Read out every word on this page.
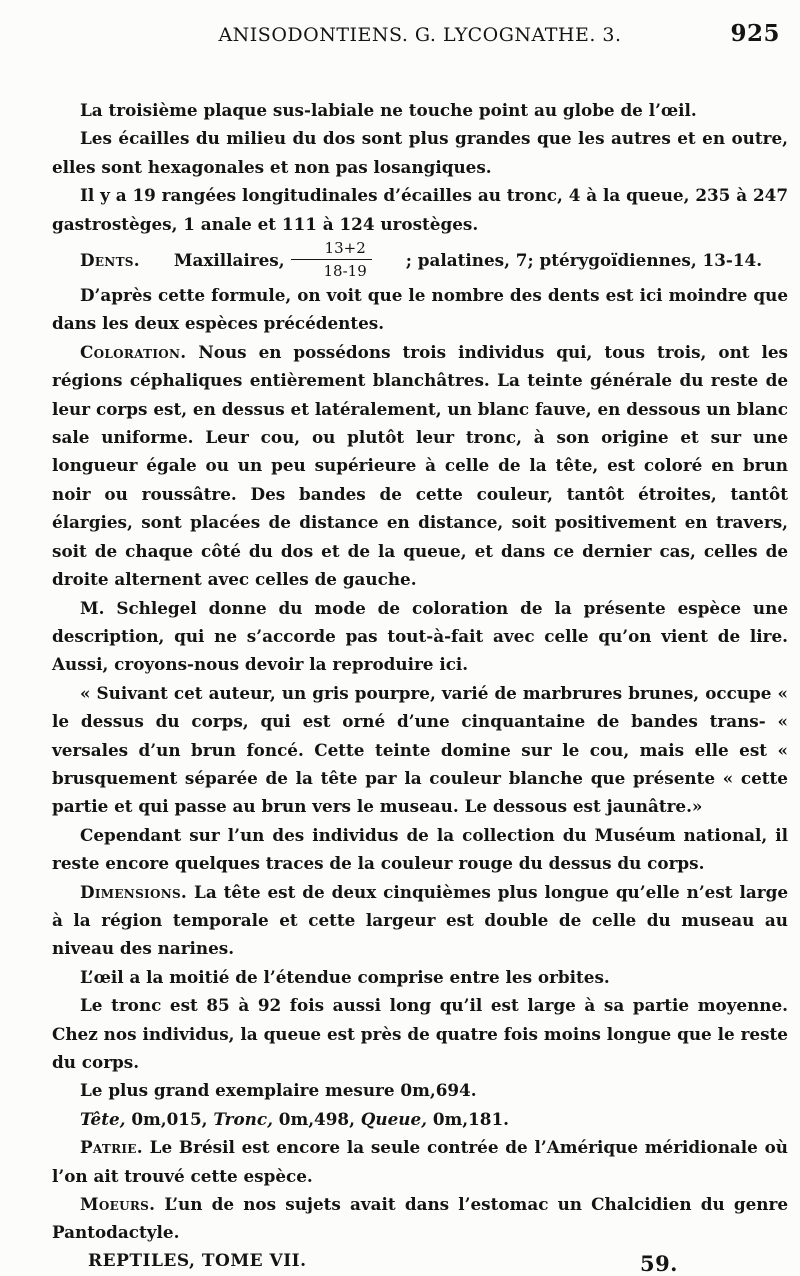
ANISODONTIENS. G. LYCOGNATHE. 3.	925

La troisième plaque sus-labiale ne touche point au globe de l’œil.

Les écailles du milieu du dos sont plus grandes que les autres et en outre, elles sont hexagonales et non pas losangiques.

Il y a 19 rangées longitudinales d’écailles au tronc, 4 à la queue, 235 à 247 gastrostèges, 1 anale et 111 à 124 urostèges.

Dents.	Maxillaires, $\frac{13+2}{18-19}$	; palatines, 7; ptérygoïdiennes, 13-14.

D’après cette formule, on voit que le nombre des dents est ici moindre que dans les deux espèces précédentes.

Coloration. Nous en possédons trois individus qui, tous trois, ont les régions céphaliques entièrement blanchâtres. La teinte générale du reste de leur corps est, en dessus et latéralement, un blanc fauve, en dessous un blanc sale uniforme. Leur cou, ou plutôt leur tronc, à son origine et sur une longueur égale ou un peu supérieure à celle de la tête, est coloré en brun noir ou roussâtre. Des bandes de cette couleur, tantôt étroites, tantôt élargies, sont placées de distance en distance, soit positivement en travers, soit de chaque côté du dos et de la queue, et dans ce dernier cas, celles de droite alternent avec celles de gauche.

M. Schlegel donne du mode de coloration de la présente espèce une description, qui ne s’accorde pas tout-à-fait avec celle qu’on vient de lire. Aussi, croyons-nous devoir la reproduire ici.

« Suivant cet auteur, un gris pourpre, varié de marbrures brunes, occupe « le dessus du corps, qui est orné d’une cinquantaine de bandes trans- « versales d’un brun foncé. Cette teinte domine sur le cou, mais elle est « brusquement séparée de la tête par la couleur blanche que présente « cette partie et qui passe au brun vers le museau. Le dessous est jaunâtre.»

Cependant sur l’un des individus de la collection du Muséum national, il reste encore quelques traces de la couleur rouge du dessus du corps.

Dimensions. La tête est de deux cinquièmes plus longue qu’elle n’est large à la région temporale et cette largeur est double de celle du museau au niveau des narines.

L’œil a la moitié de l’étendue comprise entre les orbites.

Le tronc est 85 à 92 fois aussi long qu’il est large à sa partie moyenne. Chez nos individus, la queue est près de quatre fois moins longue que le reste du corps.

Le plus grand exemplaire mesure 0m,694.

Tête, 0m,015, Tronc, 0m,498, Queue, 0m,181.

Patrie. Le Brésil est encore la seule contrée de l’Amérique méridionale où l’on ait trouvé cette espèce.

Moeurs. L’un de nos sujets avait dans l’estomac un Chalcidien du genre Pantodactyle.

REPTILES, TOME VII.	59.
